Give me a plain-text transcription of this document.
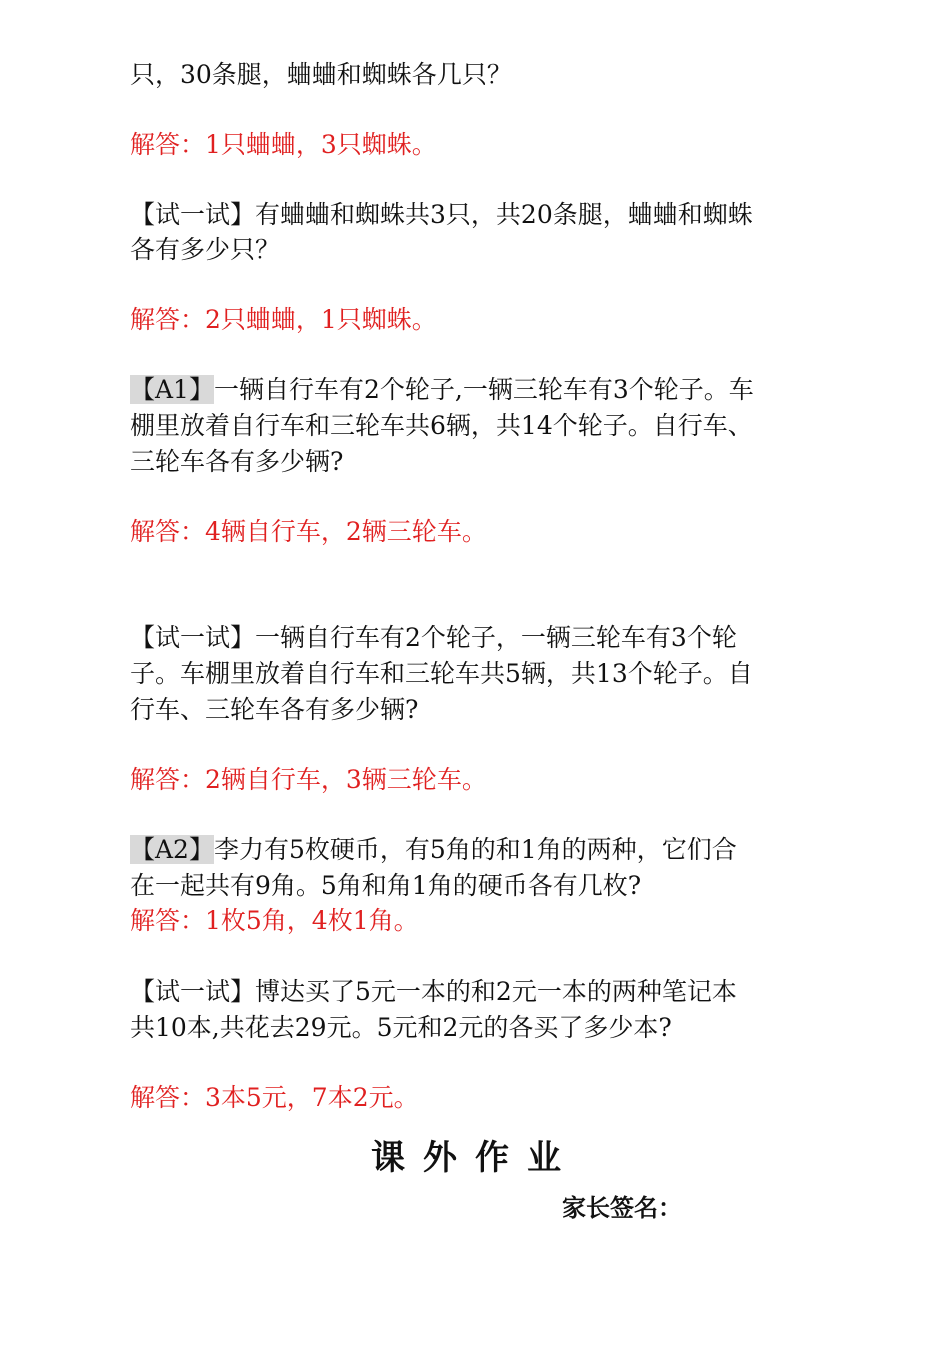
只，30条腿，蛐蛐和蜘蛛各几只？
解答：1只蛐蛐，3只蜘蛛。
【试一试】有蛐蛐和蜘蛛共3只，共20条腿，蛐蛐和蜘蛛
各有多少只？
解答：2只蛐蛐，1只蜘蛛。
【A1】一辆自行车有2个轮子,一辆三轮车有3个轮子。车
棚里放着自行车和三轮车共6辆，共14个轮子。自行车、
三轮车各有多少辆?
解答：4辆自行车，2辆三轮车。
【试一试】一辆自行车有2个轮子，一辆三轮车有3个轮
子。车棚里放着自行车和三轮车共5辆，共13个轮子。自
行车、三轮车各有多少辆?
解答：2辆自行车，3辆三轮车。
【A2】李力有5枚硬币，有5角的和1角的两种，它们合
在一起共有9角。5角和角1角的硬币各有几枚?
解答：1枚5角，4枚1角。
【试一试】博达买了5元一本的和2元一本的两种笔记本
共10本,共花去29元。5元和2元的各买了多少本?
解答：3本5元，7本2元。
课外作业
家长签名：
